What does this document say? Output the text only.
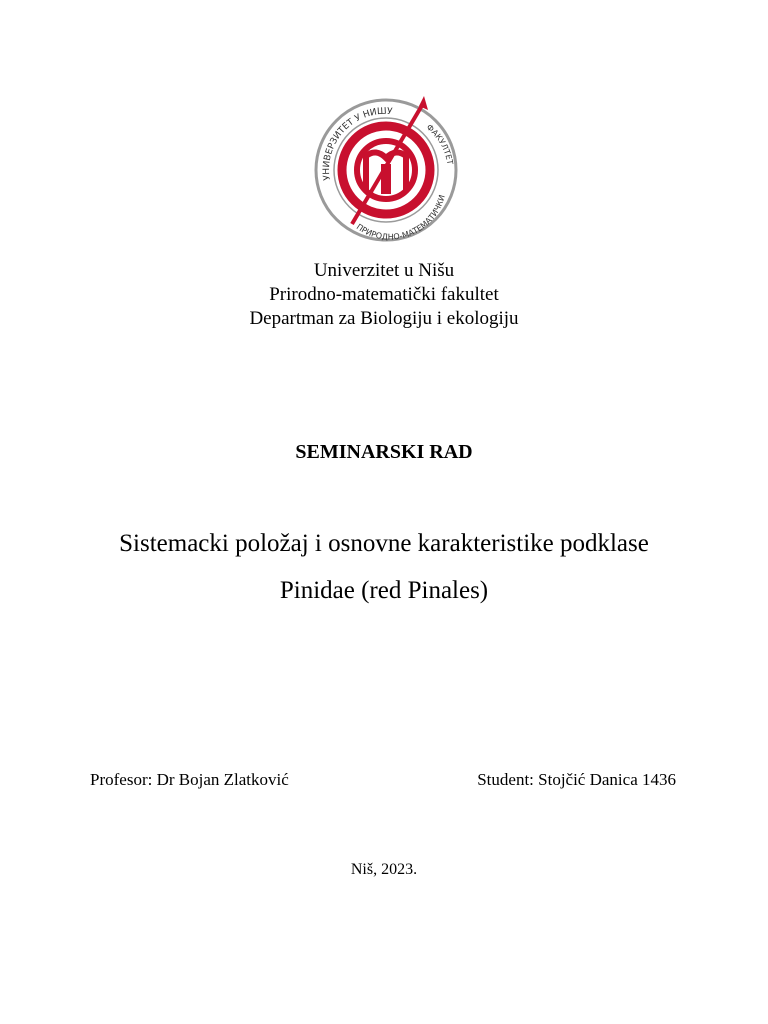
УНИВЕРЗИТЕТ У НИШУ
ФАКУЛТЕТ
ПРИРОДНО-МАТЕМАТИЧКИ
Univerzitet u Nišu
Prirodno-matematički fakultet
Departman za Biologiju i ekologiju
SEMINARSKI RAD
Sistemacki položaj i osnovne karakteristike podklase
Pinidae (red Pinales)
Profesor: Dr Bojan Zlatković	Student: Stojčić Danica 1436
Niš, 2023.
